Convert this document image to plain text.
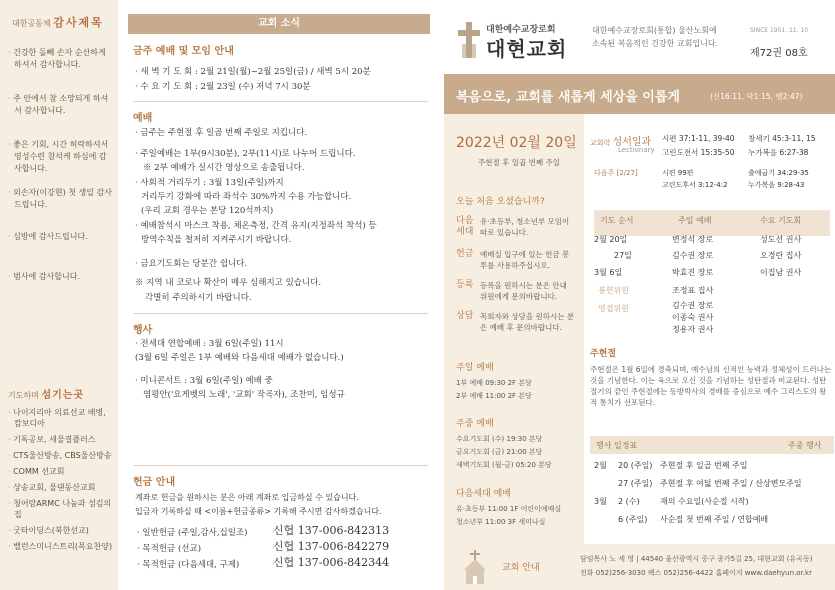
대한공동체 감사제목
· 건강한 돌뻬 손자 순산하게 하셔서 감사합니다.
· 주 안에서 참 소망되게 하셔서 감사합니다.
· 좋은 기회, 시간 허락하셔서 영성수련 참석케 하심에 감사합니다.
· 외손자(이강현) 첫 생일 감사드립니다.
· 심방에 감사드립니다.
· 범사에 감사합니다.
기도하며 섬기는곳
· 나이지리아 의료선교 배병, 캄보디아
· 기독공보, 새물결플러스
· CTS울산방송, CBS울산방송
· COMM 선교회
· 상송교회, 물댄동산교회
· 청어람ARMC 나눔과 섬김의 집
· 굿타이딩스(북한선교)
· 밸런스미니스트리(목요찬양)
교회 소식
금주 예배 및 모임 안내
· 새 벽 기 도 회 : 2월 21일(월)~2월 25일(금) / 새벽 5시 20분
· 수 요 기 도 회 : 2월 23일 (수) 저녁 7시 30분
예배
· 금주는 주현절 후 일곱 번째 주일로 지킵니다.
· 주일예배는 1부(9시30분), 2부(11시)로 나누어 드립니다.
※ 2부 예배가 실시간 영상으로 송출됩니다.
· 사회적 거리두기 : 3월 13일(주일)까지
거리두기 강화에 따라 좌석수 30%까지 수용 가능합니다.
(우리 교회 경우는 본당 120석까지)
· 예배참석시 마스크 착용, 체온측정, 간격 유지(지정좌석 착석) 등
방역수칙을 철저히 지켜주시기 바랍니다.
· 금요기도회는 당분간 쉽니다.
※ 지역 내 코로나 확산이 매우 심해지고 있습니다.
각별히 주의하시기 바랍니다.
행사
· 전세대 연합예배 : 3월 6일(주일) 11시
(3월 6일 주일은 1부 예배와 다음세대 예배가 없습니다.)
· 미니콘서트 : 3월 6일(주일) 예배 중
염평안('요게벳의 노래', '교회' 작곡자), 조찬미, 임성규
헌금 안내
계좌로 헌금을 원하시는 분은 아래 계좌로 입금하실 수 있습니다.
입금자 기록하실 때 <이름+헌금종류> 기록해 주시면 감사하겠습니다.
· 일반헌금 (주일,감사,십일조) 신협 137-006-842313
· 목적헌금 (선교)	신협 137-006-842279
· 목적헌금 (다음세대, 구제)	신협 137-006-842344
대한예수교장로회
대현교회
대한예수교장로회(통합) 울산노회에
소속된 복음적인 건강한 교회입니다.
SINCE 1951. 11. 10
제72권 08호
복음으로, 교회를 새롭게 세상을 이롭게	(신16:11, 막1:15, 행2:47)
2022년 02월 20일
주현절 후 일곱 번째 주일
오늘 처음 오셨습니까?
다음 세대
유·초등부, 청소년부 모임이 따로 있습니다.
헌금 예배실 입구에 있는 헌금 봉투를 사용하주십시오.
등록 등록을 원하시는 분은 안내 위원에게 문의바랍니다.
상담 목회자와 상담을 원하시는 분은 예배 후 문의바랍니다.
주일 예배
1부 예배 09:30 2F 본당
2부 예배 11:00 2F 본당
주중 예배
수요기도회 (수) 19:30 본당
금요기도회 (금) 21:00 본당
새벽기도회 (월-금) 05:20 본당
다음세대 예배
유·초등부 11:00 1F 어린이예배실
청소년부 11:00 3F 세미나실
교회력 성서일과
Lectionary
시편 37:1-11, 39-40 창세기 45:3-11, 15
고린도전서 15:35-50 누가복음 6:27-38
다음주 [2/27]	시편 99편	출애굽기 34:29-35
고린도후서 3:12-4:2	누가복음 9:28-43
기도 순서	주일 예배	수요 기도회
2월 20일	변정석 장로	성도선 권사
27일	김수권 장로	오경란 집사
3월 6일	박효진 장로	이집남 권사
봉헌위원	조정표 집사
영접위원	김수권 장로
이종숙 권사
정용자 권사
주현절
주현절은 1월 6일에 경축되며, 예수님의 신적인 능력과 정체성이 드러나는 것을 기념한다. 이는 육으로 오신 것을 기념하는 성탄절과 비교된다. 성탄절기의 끝인 주현절에는 동방박사의 경배를 중심으로 예수 그리스도의 왕적 통치가 선포된다.
행사 일정표	주중 행사
2월 20 (주일) 주현절 후 일곱 번째 주일
27 (주일) 주현절 후 여덟 번째 주일 / 산상변모주일
3월 2 (수)	재의 수요일(사순절 시작)
6 (주일) 사순절 첫 번째 주일 / 연합예배
교회 안내
담임목사 노 세 영 | 44540 울산광역시 중구 종가5길 25, 대현교회 (유곡동)
전화 052)256-3030 팩스 052)256-4422 홈페이지 www.daehyun.or.kr
